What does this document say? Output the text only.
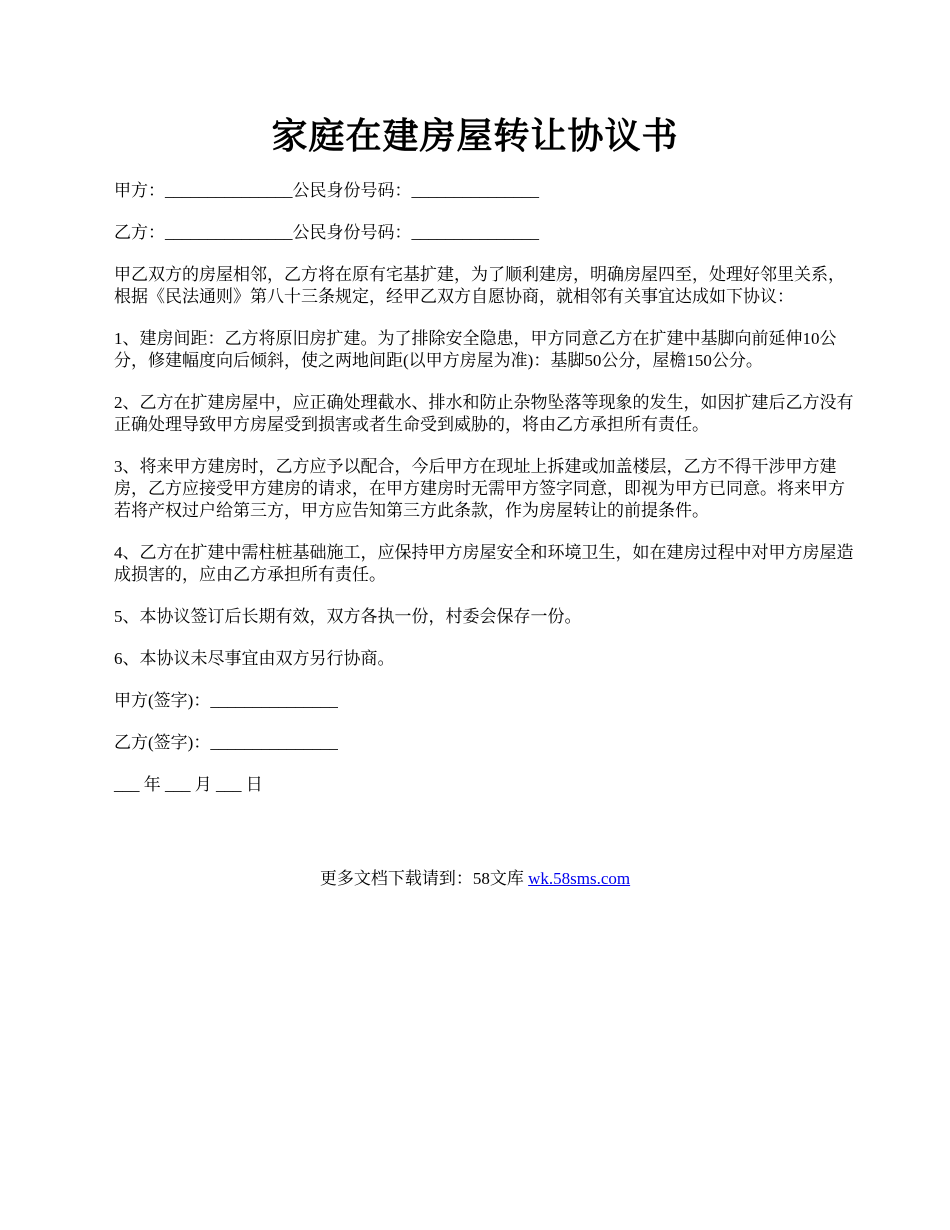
家庭在建房屋转让协议书

甲方：_______________公民身份号码：_______________

乙方：_______________公民身份号码：_______________

甲乙双方的房屋相邻，乙方将在原有宅基扩建，为了顺利建房，明确房屋四至，处理好邻里关系，根据《民法通则》第八十三条规定，经甲乙双方自愿协商，就相邻有关事宜达成如下协议：

1、建房间距：乙方将原旧房扩建。为了排除安全隐患，甲方同意乙方在扩建中基脚向前延伸10公分，修建幅度向后倾斜，使之两地间距(以甲方房屋为准)：基脚50公分，屋檐150公分。

2、乙方在扩建房屋中，应正确处理截水、排水和防止杂物坠落等现象的发生，如因扩建后乙方没有正确处理导致甲方房屋受到损害或者生命受到威胁的，将由乙方承担所有责任。

3、将来甲方建房时，乙方应予以配合，今后甲方在现址上拆建或加盖楼层，乙方不得干涉甲方建房，乙方应接受甲方建房的请求，在甲方建房时无需甲方签字同意，即视为甲方已同意。将来甲方若将产权过户给第三方，甲方应告知第三方此条款，作为房屋转让的前提条件。

4、乙方在扩建中需柱桩基础施工，应保持甲方房屋安全和环境卫生，如在建房过程中对甲方房屋造成损害的，应由乙方承担所有责任。

5、本协议签订后长期有效，双方各执一份，村委会保存一份。

6、本协议未尽事宜由双方另行协商。

甲方(签字)：_______________

乙方(签字)：_______________

___ 年 ___ 月 ___ 日

更多文档下载请到：58文库 wk.58sms.com
